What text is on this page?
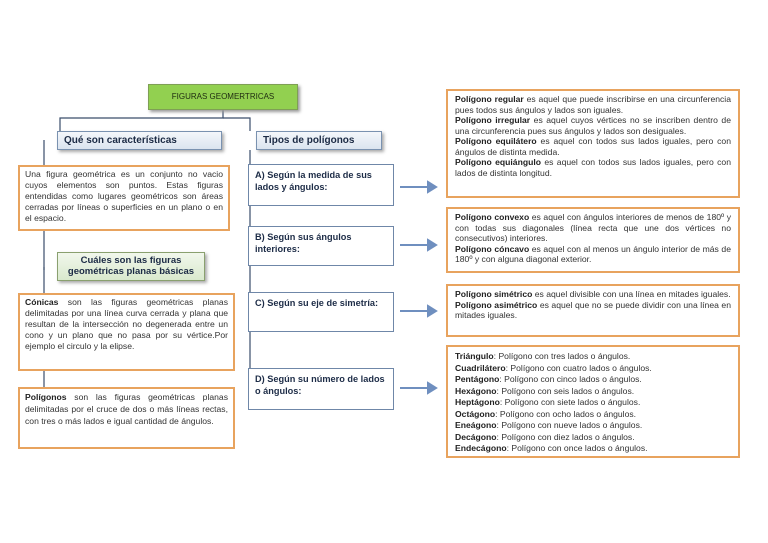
FIGURAS GEOMERTRICAS
Qué son características
Una figura geométrica es un conjunto no vacio cuyos elementos son puntos. Estas figuras entendidas como lugares geométricos son áreas cerradas por líneas o superficies en un plano o en el espacio.
Cuáles son las figuras geométricas planas básicas
Cónicas son las figuras geométricas planas delimitadas por una línea curva cerrada y plana que resultan de la intersección no degenerada entre un cono y un plano que no pasa por su vértice.Por ejemplo el circulo y la elipse.
Polígonos son las figuras geométricas planas delimitadas por el cruce de dos o más líneas rectas, con tres o más lados e igual cantidad de ángulos.
Tipos de polígonos
A) Según la medida de sus lados y ángulos:
B) Según sus ángulos interiores:
C) Según su eje de simetría:
D) Según su número de lados o ángulos:
Polígono regular es aquel que puede inscribirse en una circunferencia pues todos sus ángulos y lados son iguales.
Polígono irregular es aquel cuyos vértices no se inscriben dentro de una circunferencia pues sus ángulos y lados son desiguales.
Polígono equilátero es aquel con todos sus lados iguales, pero con ángulos de distinta medida.
Polígono equiángulo es aquel con todos sus lados iguales, pero con lados de distinta longitud.
Polígono convexo es aquel con ángulos interiores de menos de 180º y con todas sus diagonales (línea recta que une dos vértices no consecutivos) interiores.
Polígono cóncavo es aquel con al menos un ángulo interior de más de 180º y con alguna diagonal exterior.
Polígono simétrico es aquel divisible con una línea en mitades iguales.
Polígono asimétrico es aquel que no se puede dividir con una línea en mitades iguales.
Triángulo: Polígono con tres lados o ángulos.
Cuadrilátero: Polígono con cuatro lados o ángulos.
Pentágono: Polígono con cinco lados o ángulos.
Hexágono: Polígono con seis lados o ángulos.
Heptágono: Polígono con siete lados o ángulos.
Octágono: Polígono con ocho lados o ángulos.
Eneágono: Polígono con nueve lados o ángulos.
Decágono: Polígono con diez lados o ángulos.
Endecágono: Polígono con once lados o ángulos.
